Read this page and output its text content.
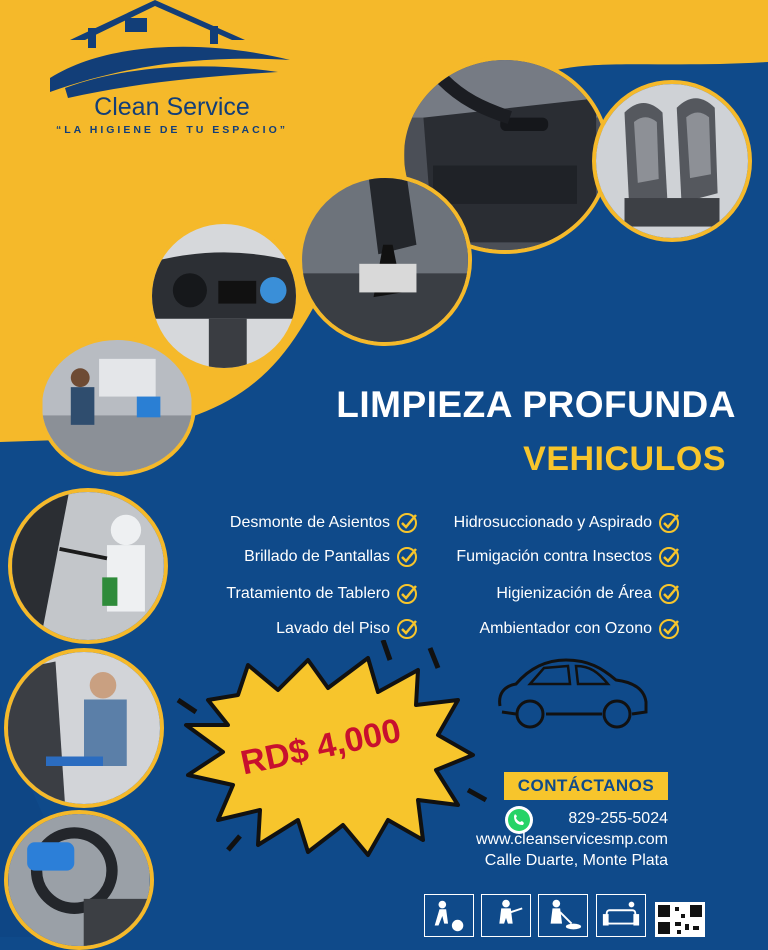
Clean Service
“LA HIGIENE DE TU ESPACIO”
LIMPIEZA PROFUNDA
VEHICULOS
Desmonte de Asientos
Brillado de Pantallas
Tratamiento de Tablero
Lavado del Piso
Hidrosuccionado y Aspirado
Fumigación contra Insectos
Higienización de Área
Ambientador con Ozono
RD$ 4,000
CONTÁCTANOS
829-255-5024
www.cleanservicesmp.com
Calle Duarte, Monte Plata
